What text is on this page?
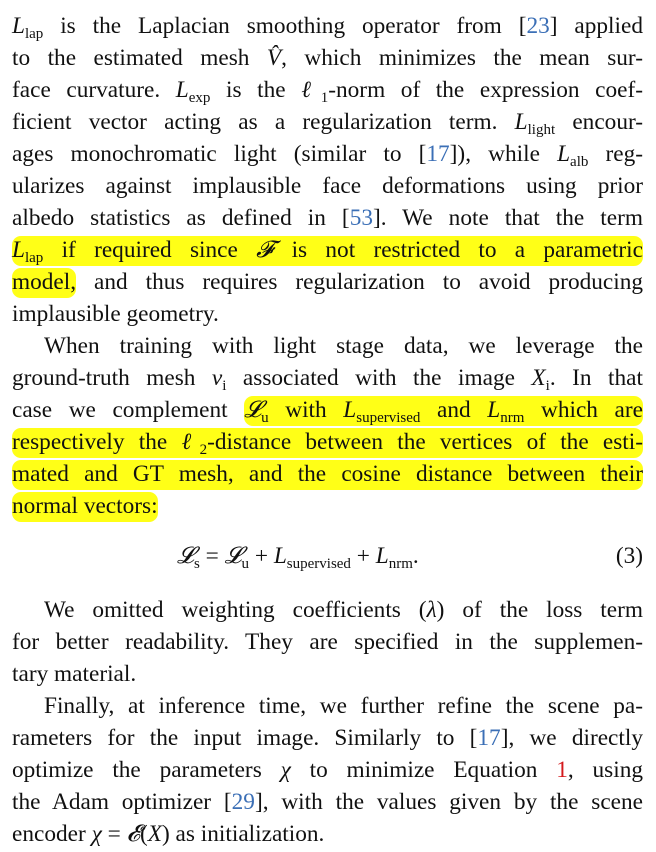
$L_{lap}$ is the Laplacian smoothing operator from [23] applied
to the estimated mesh V̂, which minimizes the mean sur-
face curvature. $L_{exp}$ is the ℓ$_1$-norm of the expression coef-
ficient vector acting as a regularization term. $L_{light}$ encour-
ages monochromatic light (similar to [17]), while $L_{alb}$ reg-
ularizes against implausible face deformations using prior
albedo statistics as defined in [53]. We note that the term
$L_{lap}$ if required since 𝓕 is not restricted to a parametric
model, and thus requires regularization to avoid producing
implausible geometry.
When training with light stage data, we leverage the
ground-truth mesh $v_i$ associated with the image $X_i$. In that
case we complement 𝓛$_u$ with $L_{supervised}$ and $L_{nrm}$ which are
respectively the ℓ$_2$-distance between the vertices of the esti-
mated and GT mesh, and the cosine distance between their
normal vectors:
𝓛$_s$ = 𝓛$_u$ + $L_{supervised} + L_{nrm}$.	(3)
We omitted weighting coefficients (λ) of the loss term
for better readability. They are specified in the supplemen-
tary material.
Finally, at inference time, we further refine the scene pa-
rameters for the input image. Similarly to [17], we directly
optimize the parameters χ to minimize Equation 1, using
the Adam optimizer [29], with the values given by the scene
encoder χ = 𝓔(X) as initialization.
